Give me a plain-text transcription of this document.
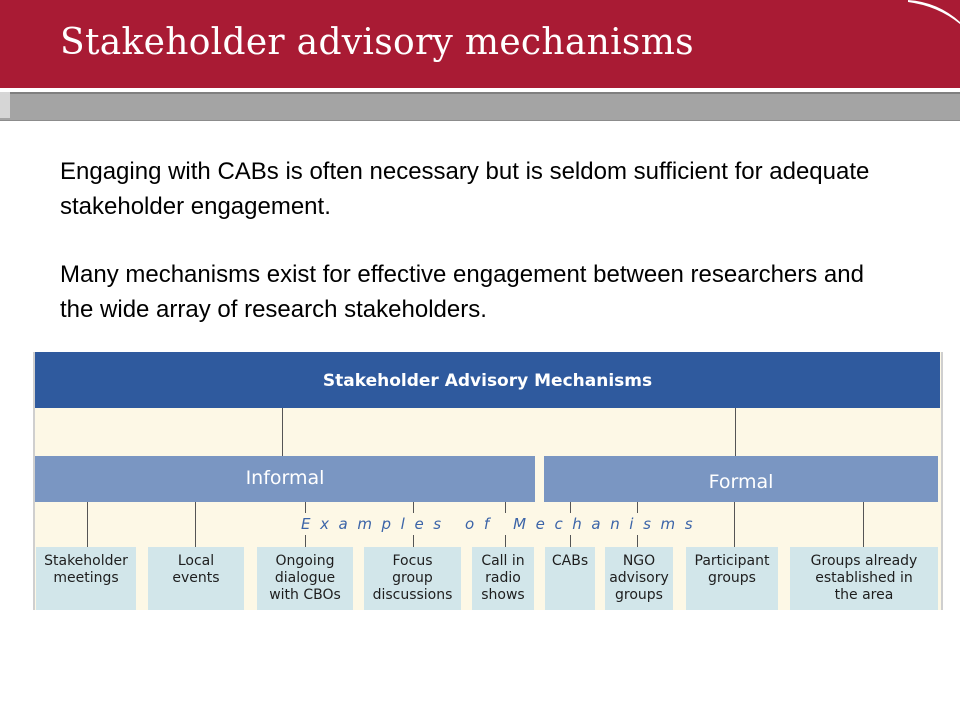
Stakeholder advisory mechanisms

Engaging with CABs is often necessary but is seldom sufficient for adequate stakeholder engagement.

Many mechanisms exist for effective engagement between researchers and the wide array of research stakeholders.

Stakeholder Advisory Mechanisms
Informal	Formal
Examples of Mechanisms
Stakeholder
meetings
Local
events
Ongoing
dialogue
with CBOs
Focus
group
discussions
Call in
radio
shows
CABs	NGO
advisory
groups
Participant
groups
Groups already
established in
the area
